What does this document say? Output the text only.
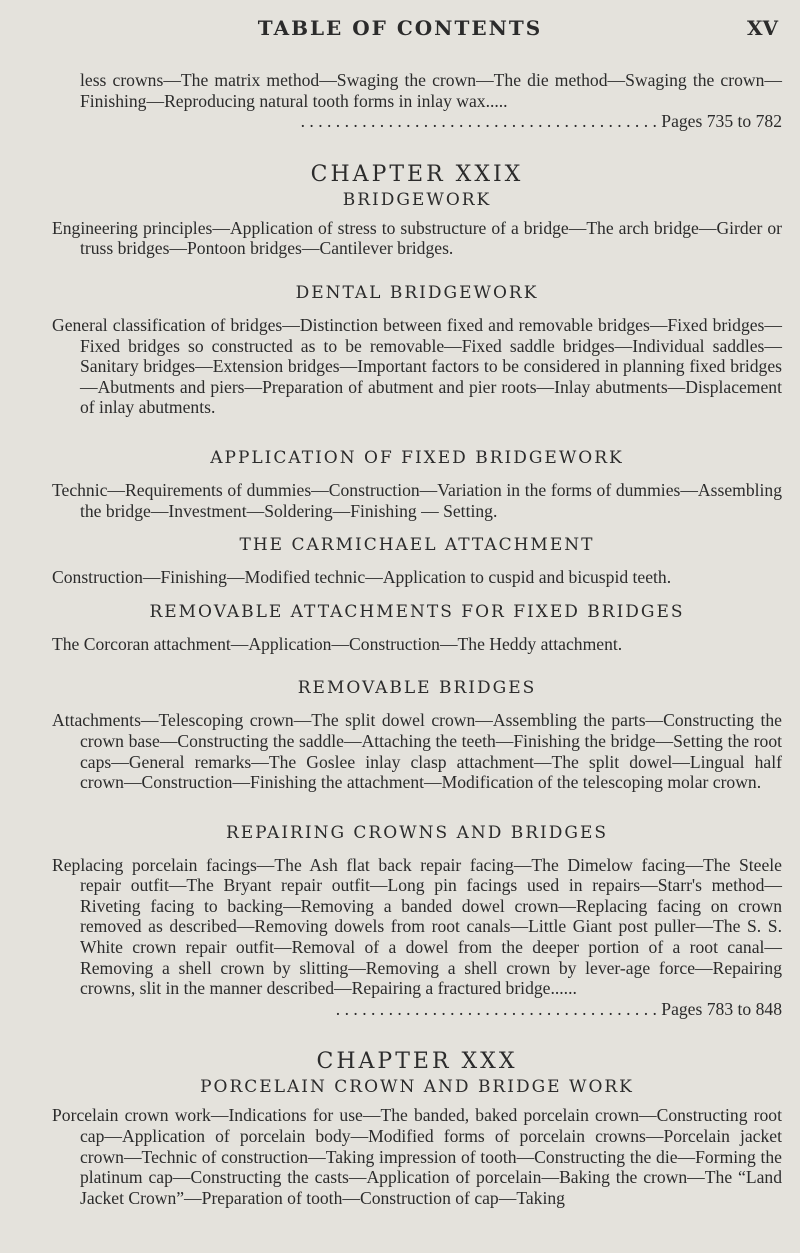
TABLE OF CONTENTS	XV

less crowns—The matrix method—Swaging the crown—The die method—Swaging the crown—Finishing—Reproducing natural tooth forms in inlay wax.....

. . . . . . . . . . . . . . . . . . . . . . . . . . . . . . . . . . . . . . . . . Pages 735 to 782

CHAPTER XXIX
BRIDGEWORK

Engineering principles—Application of stress to substructure of a bridge—The arch bridge—Girder or truss bridges—Pontoon bridges—Cantilever bridges.

DENTAL BRIDGEWORK

General classification of bridges—Distinction between fixed and removable bridges—Fixed bridges—Fixed bridges so constructed as to be removable—Fixed saddle bridges—Individual saddles—Sanitary bridges—Extension bridges—Important factors to be considered in planning fixed bridges—Abutments and piers—Preparation of abutment and pier roots—Inlay abutments—Displacement of inlay abutments.

APPLICATION OF FIXED BRIDGEWORK

Technic—Requirements of dummies—Construction—Variation in the forms of dummies—Assembling the bridge—Investment—Soldering—Finishing — Setting.

THE CARMICHAEL ATTACHMENT

Construction—Finishing—Modified technic—Application to cuspid and bicuspid teeth.

REMOVABLE ATTACHMENTS FOR FIXED BRIDGES

The Corcoran attachment—Application—Construction—The Heddy attachment.

REMOVABLE BRIDGES

Attachments—Telescoping crown—The split dowel crown—Assembling the parts—Constructing the crown base—Constructing the saddle—Attaching the teeth—Finishing the bridge—Setting the root caps—General remarks—The Goslee inlay clasp attachment—The split dowel—Lingual half crown—Construction—Finishing the attachment—Modification of the telescoping molar crown.

REPAIRING CROWNS AND BRIDGES

Replacing porcelain facings—The Ash flat back repair facing—The Dimelow facing—The Steele repair outfit—The Bryant repair outfit—Long pin facings used in repairs—Starr's method—Riveting facing to backing—Removing a banded dowel crown—Replacing facing on crown removed as described—Removing dowels from root canals—Little Giant post puller—The S. S. White crown repair outfit—Removal of a dowel from the deeper portion of a root canal—Removing a shell crown by slitting—Removing a shell crown by lever-age force—Repairing crowns, slit in the manner described—Repairing a fractured bridge......

. . . . . . . . . . . . . . . . . . . . . . . . . . . . . . . . . . . . . Pages 783 to 848

CHAPTER XXX
PORCELAIN CROWN AND BRIDGE WORK

Porcelain crown work—Indications for use—The banded, baked porcelain crown—Constructing root cap—Application of porcelain body—Modified forms of porcelain crowns—Porcelain jacket crown—Technic of construction—Taking impression of tooth—Constructing the die—Forming the platinum cap—Constructing the casts—Application of porcelain—Baking the crown—The “Land Jacket Crown”—Preparation of tooth—Construction of cap—Taking
